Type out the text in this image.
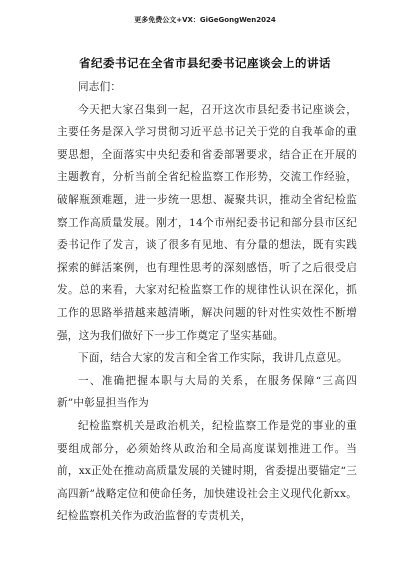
更多免费公文+VX：GiGeGongWen2024
省纪委书记在全省市县纪委书记座谈会上的讲话

同志们：

今天把大家召集到一起，召开这次市县纪委书记座谈会，主要任务是深入学习贯彻习近平总书记关于党的自我革命的重要思想，全面落实中央纪委和省委部署要求，结合正在开展的主题教育，分析当前全省纪检监察工作形势，交流工作经验，破解瓶颈难题，进一步统一思想、凝聚共识，推动全省纪检监察工作高质量发展。刚才，14个市州纪委书记和部分县市区纪委书记作了发言，谈了很多有见地、有分量的想法，既有实践探索的鲜活案例，也有理性思考的深刻感悟，听了之后很受启发。总的来看，大家对纪检监察工作的规律性认识在深化，抓工作的思路举措越来越清晰，解决问题的针对性实效性不断增强，这为我们做好下一步工作奠定了坚实基础。

下面，结合大家的发言和全省工作实际，我讲几点意见。

一、准确把握本职与大局的关系，在服务保障“三高四新”中彰显担当作为

纪检监察机关是政治机关，纪检监察工作是党的事业的重要组成部分，必须始终从政治和全局高度谋划推进工作。当前，xx正处在推动高质量发展的关键时期，省委提出要锚定“三高四新”战略定位和使命任务，加快建设社会主义现代化新xx。纪检监察机关作为政治监督的专责机关，
